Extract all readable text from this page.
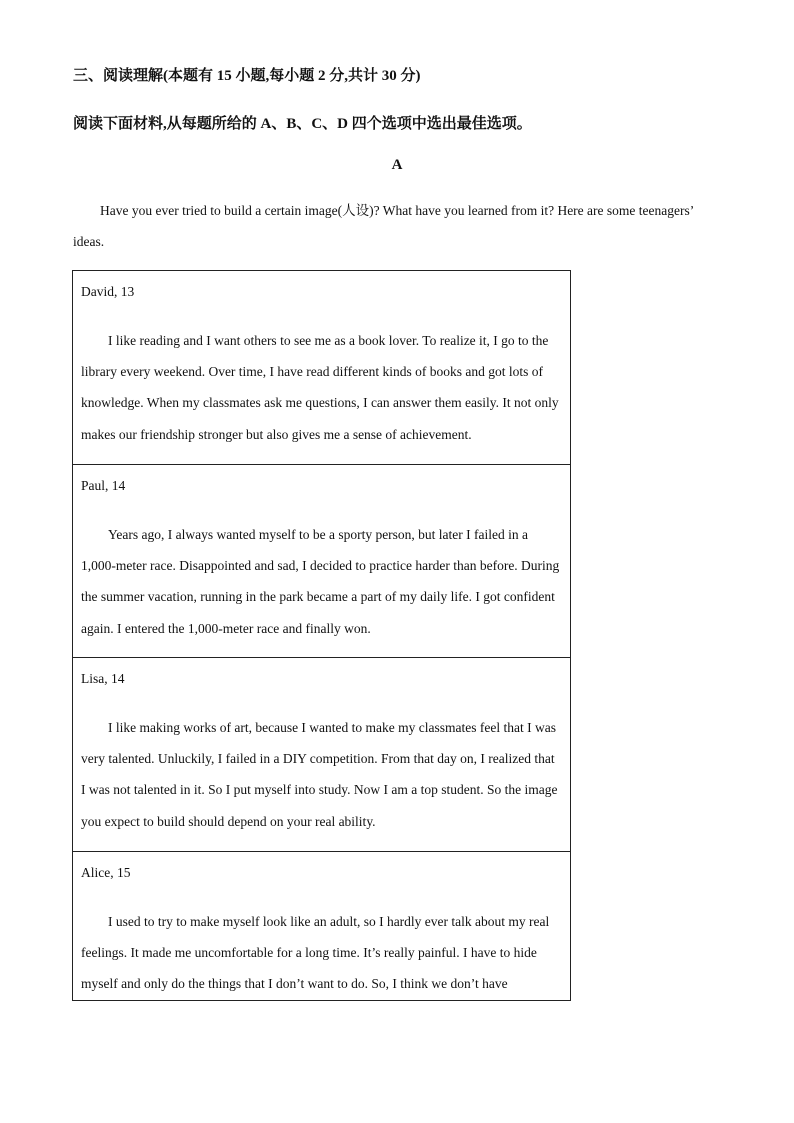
三、阅读理解(本题有 15 小题,每小题 2 分,共计 30 分)
阅读下面材料,从每题所给的 A、B、C、D 四个选项中选出最佳选项。
A
Have you ever tried to build a certain image(人设)? What have you learned from it? Here are some teenagers’ ideas.
David, 13
I like reading and I want others to see me as a book lover. To realize it, I go to the library every weekend. Over time, I have read different kinds of books and got lots of knowledge. When my classmates ask me questions, I can answer them easily. It not only makes our friendship stronger but also gives me a sense of achievement.
Paul, 14
Years ago, I always wanted myself to be a sporty person, but later I failed in a 1,000-meter race. Disappointed and sad, I decided to practice harder than before. During the summer vacation, running in the park became a part of my daily life. I got confident again. I entered the 1,000-meter race and finally won.
Lisa, 14
I like making works of art, because I wanted to make my classmates feel that I was very talented. Unluckily, I failed in a DIY competition. From that day on, I realized that I was not talented in it. So I put myself into study. Now I am a top student. So the image you expect to build should depend on your real ability.
Alice, 15
I used to try to make myself look like an adult, so I hardly ever talk about my real feelings. It made me uncomfortable for a long time. It’s really painful. I have to hide myself and only do the things that I don’t want to do. So, I think we don’t have
